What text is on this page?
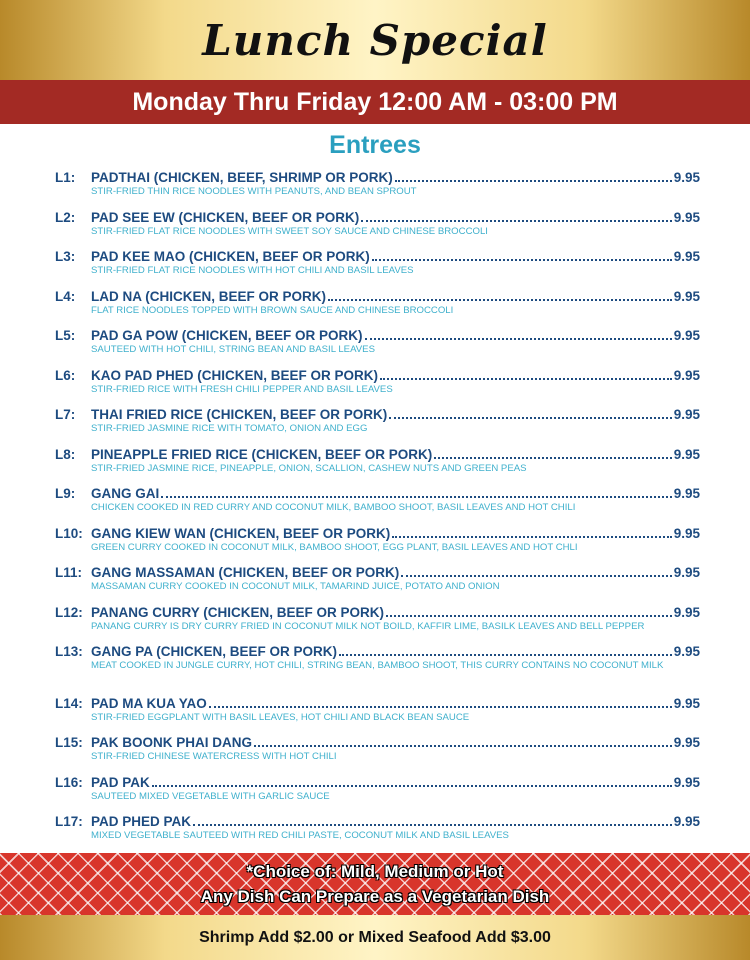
Lunch Special
Monday Thru Friday 12:00 AM - 03:00 PM
Entrees
L1:	PADTHAI (CHICKEN, BEEF, SHRIMP OR PORK)	9.95
STIR-FRIED THIN RICE NOODLES WITH PEANUTS, AND BEAN SPROUT
L2:	PAD SEE EW (CHICKEN, BEEF OR PORK)	9.95
STIR-FRIED FLAT RICE NOODLES WITH SWEET SOY SAUCE AND CHINESE BROCCOLI
L3:	PAD KEE MAO (CHICKEN, BEEF OR PORK)	9.95
STIR-FRIED FLAT RICE NOODLES WITH HOT CHILI AND BASIL LEAVES
L4:	LAD NA (CHICKEN, BEEF OR PORK)	9.95
FLAT RICE NOODLES TOPPED WITH BROWN SAUCE AND CHINESE BROCCOLI
L5:	PAD GA POW (CHICKEN, BEEF OR PORK)	9.95
SAUTEED WITH HOT CHILI, STRING BEAN AND BASIL LEAVES
L6:	KAO PAD PHED (CHICKEN, BEEF OR PORK)	9.95
STIR-FRIED RICE WITH FRESH CHILI PEPPER AND BASIL LEAVES
L7:	THAI FRIED RICE (CHICKEN, BEEF OR PORK)	9.95
STIR-FRIED JASMINE RICE WITH TOMATO, ONION AND EGG
L8:	PINEAPPLE FRIED RICE (CHICKEN, BEEF OR PORK)	9.95
STIR-FRIED JASMINE RICE, PINEAPPLE, ONION, SCALLION, CASHEW NUTS AND GREEN PEAS
L9:	GANG GAI	9.95
CHICKEN COOKED IN RED CURRY AND COCONUT MILK, BAMBOO SHOOT, BASIL LEAVES AND HOT CHILI
L10: GANG KIEW WAN (CHICKEN, BEEF OR PORK)	9.95
GREEN CURRY COOKED IN COCONUT MILK, BAMBOO SHOOT, EGG PLANT, BASIL LEAVES AND HOT CHLI
L11: GANG MASSAMAN (CHICKEN, BEEF OR PORK)	9.95
MASSAMAN CURRY COOKED IN COCONUT MILK, TAMARIND JUICE, POTATO AND ONION
L12: PANANG CURRY (CHICKEN, BEEF OR PORK)	9.95
PANANG CURRY IS DRY CURRY FRIED IN COCONUT MILK NOT BOILD, KAFFIR LIME, BASILK LEAVES AND BELL PEPPER
L13: GANG PA (CHICKEN, BEEF OR PORK)	9.95
MEAT COOKED IN JUNGLE CURRY, HOT CHILI, STRING BEAN, BAMBOO SHOOT, THIS CURRY CONTAINS NO COCONUT MILK
L14: PAD MA KUA YAO	9.95
STIR-FRIED EGGPLANT WITH BASIL LEAVES, HOT CHILI AND BLACK BEAN SAUCE
L15: PAK BOONK PHAI DANG	9.95
STIR-FRIED CHINESE WATERCRESS WITH HOT CHILI
L16: PAD PAK	9.95
SAUTEED MIXED VEGETABLE WITH GARLIC SAUCE
L17: PAD PHED PAK	9.95
MIXED VEGETABLE SAUTEED WITH RED CHILI PASTE, COCONUT MILK AND BASIL LEAVES
*Choice of: Mild, Medium or Hot
Any Dish Can Prepare as a Vegetarian Dish
Shrimp Add $2.00 or Mixed Seafood Add $3.00
